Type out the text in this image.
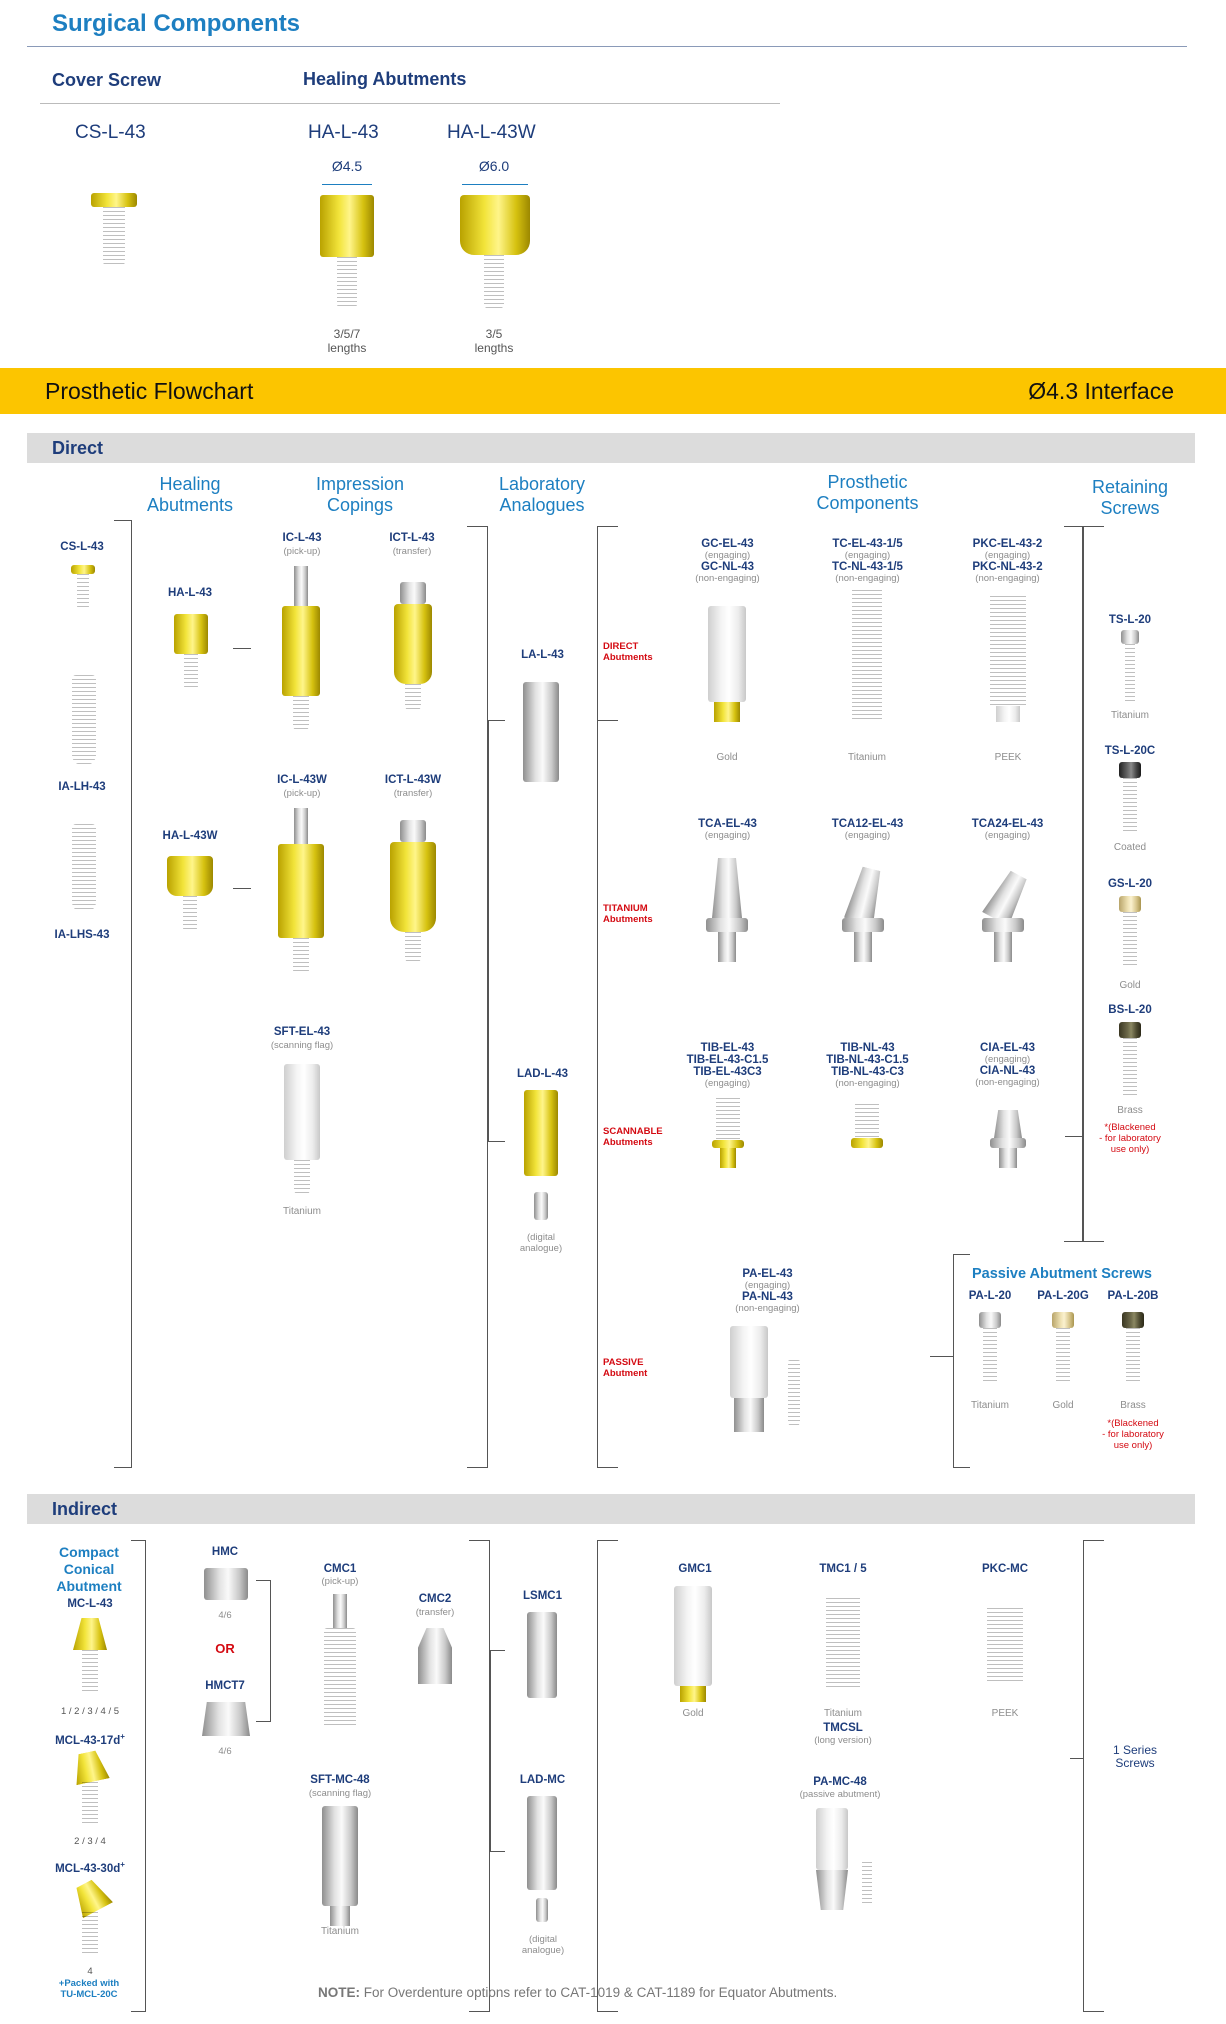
Surgical Components
Cover Screw	Healing Abutments
CS-L-43	HA-L-43
Ø4.5
3/5/7
lengths
HA-L-43W
Ø6.0
3/5
lengths
Prosthetic Flowchart	Ø4.3 Interface
Direct
Healing
Abutments
Impression
Copings
Laboratory
Analogues
Prosthetic
Components
Retaining
Screws
CS-L-43
IA-LH-43
IA-LHS-43
HA-L-43
HA-L-43W
IC-L-43
(pick-up)
ICT-L-43
(transfer)
IC-L-43W
(pick-up)
ICT-L-43W
(transfer)
SFT-EL-43
(scanning flag)
Titanium
LA-L-43
LAD-L-43
(digital
analogue)
DIRECT
Abutments
TITANIUM
Abutments
SCANNABLE
Abutments
PASSIVE
Abutment
GC-EL-43
(engaging)
GC-NL-43
(non-engaging)
Gold
TC-EL-43-1/5
(engaging)
TC-NL-43-1/5
(non-engaging)
Titanium
PKC-EL-43-2
(engaging)
PKC-NL-43-2
(non-engaging)
PEEK
TCA-EL-43
(engaging)
TCA12-EL-43
(engaging)
TCA24-EL-43
(engaging)
TIB-EL-43
TIB-EL-43-C1.5
TIB-EL-43C3
(engaging)
TIB-NL-43
TIB-NL-43-C1.5
TIB-NL-43-C3
(non-engaging)
CIA-EL-43
(engaging)
CIA-NL-43
(non-engaging)
PA-EL-43
(engaging)
PA-NL-43
(non-engaging)
TS-L-20
Titanium
TS-L-20C
Coated
GS-L-20
Gold
BS-L-20
Brass
*(Blackened
- for laboratory
use only)
Passive Abutment Screws
PA-L-20
Titanium
PA-L-20G
Gold
PA-L-20B
Brass
*(Blackened
- for laboratory
use only)
Indirect
Compact
Conical
Abutment
MC-L-43
1 / 2 / 3 / 4 / 5
MCL-43-17d+
2 / 3 / 4
MCL-43-30d+
4
+Packed with
TU-MCL-20C
HMC
4/6
OR
HMCT7
4/6
CMC1
(pick-up)
CMC2
(transfer)
SFT-MC-48
(scanning flag)
Titanium
LSMC1
LAD-MC
(digital
analogue)
GMC1
Gold
TMC1 / 5
Titanium
TMCSL
(long version)
PKC-MC
PEEK
PA-MC-48
(passive abutment)
1 Series
Screws
NOTE: For Overdenture options refer to CAT-1019 & CAT-1189 for Equator Abutments.
